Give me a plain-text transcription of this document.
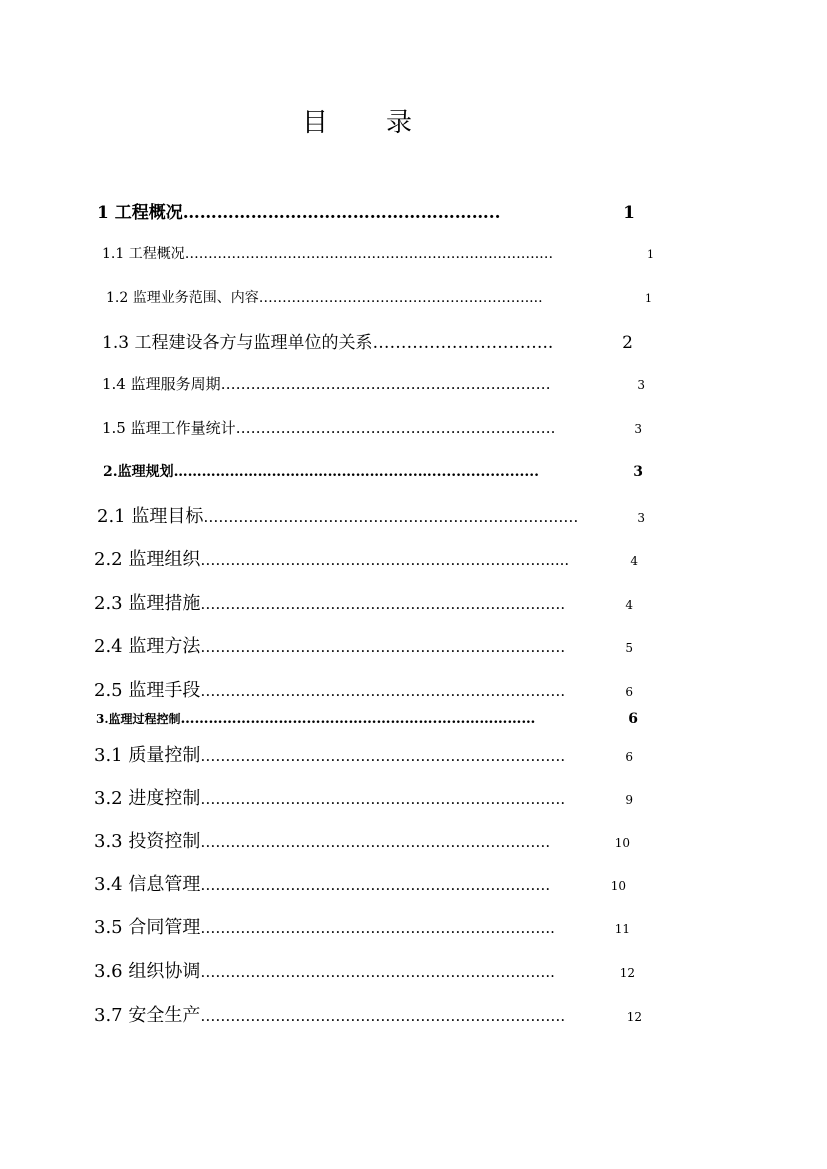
目 录
1 工程概况 ………………………………………………..	1
1.1 工程概况 ………………………………………………………………….…	1
1.2 监理业务范围、内容 …………………………………………………....	1
1.3 工程建设各方与监理单位的关系 …………………………..	2
1.4 监理服务周期 …………………………………………………………	3
1.5 监理工作量统计 ……………………………………………………….	3
2.监理规划 ……………………………………….......…......................	3
2.1 监理目标 …………………………………………………………………	3
2.2 监理组织 …………………………………………………………….....	4
2.3 监理措施 ……………………………………………………………….	4
2.4 监理方法 ……………………………………………………………….	5
2.5 监理手段 ……………………………………………………………….	6
3.监理过程控制 ……………………………………………….…………………	6
3.1 质量控制 ……………………………………………………………….	6
3.2 进度控制 ……………………………………………………………….	9
3.3 投资控制 …………………………………………………………….	10
3.4 信息管理 …………………………………………………………….	10
3.5 合同管理 ……………………………………………………………..	11
3.6 组织协调 ……………………………………………………………..	12
3.7 安全生产 ……………………………………………………………….	12
